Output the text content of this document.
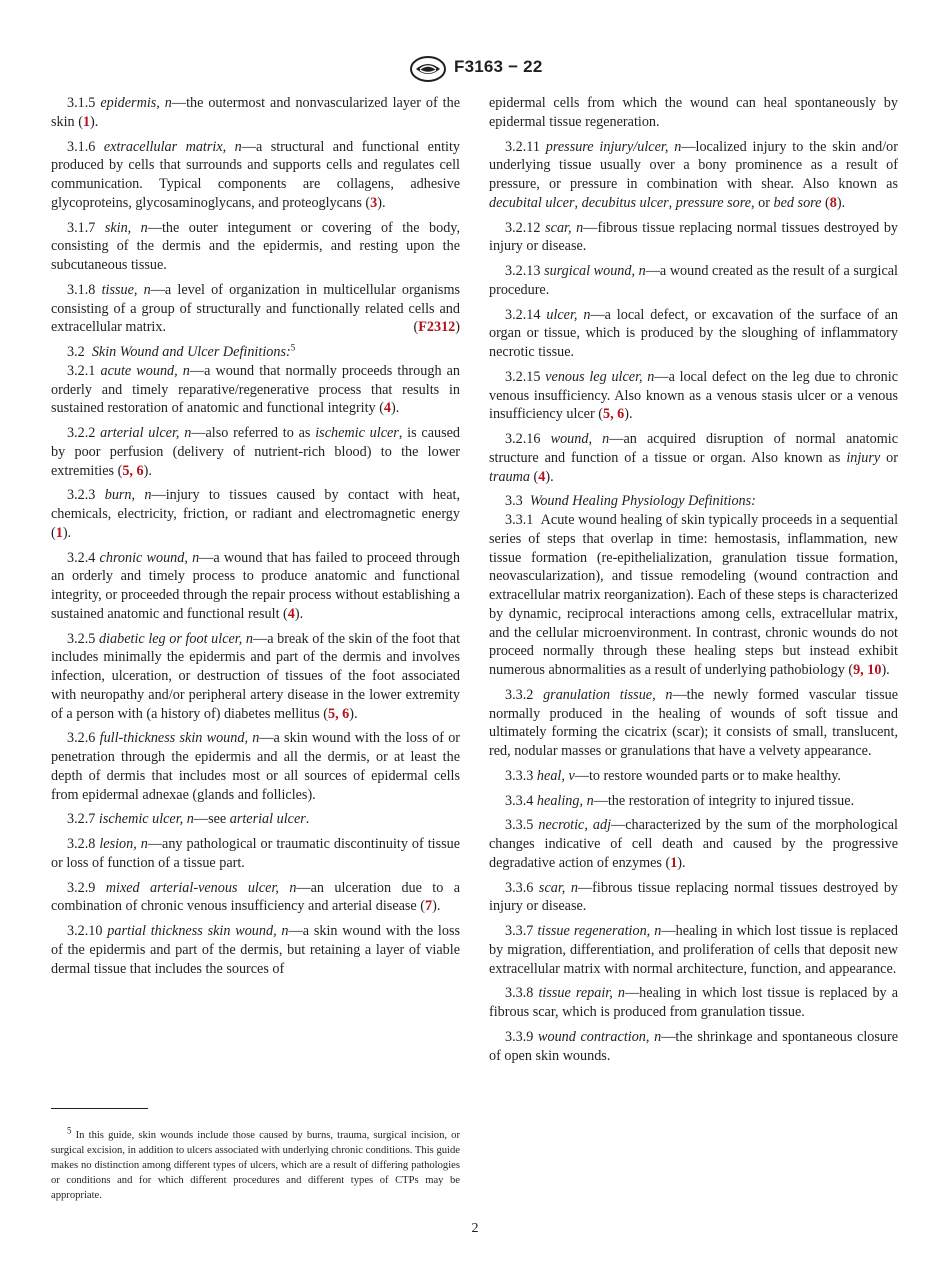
F3163 − 22

3.1.5 epidermis, n—the outermost and nonvascularized layer of the skin (1).

3.1.6 extracellular matrix, n—a structural and functional entity produced by cells that surrounds and supports cells and regulates cell communication. Typical components are collagens, adhesive glycoproteins, glycosaminoglycans, and proteoglycans (3).

3.1.7 skin, n—the outer integument or covering of the body, consisting of the dermis and the epidermis, and resting upon the subcutaneous tissue.

3.1.8 tissue, n—a level of organization in multicellular organisms consisting of a group of structurally and functionally related cells and extracellular matrix.	(F2312)

3.2 Skin Wound and Ulcer Definitions:$^5$

3.2.1 acute wound, n—a wound that normally proceeds through an orderly and timely reparative/regenerative process that results in sustained restoration of anatomic and functional integrity (4).

3.2.2 arterial ulcer, n—also referred to as ischemic ulcer, is caused by poor perfusion (delivery of nutrient-rich blood) to the lower extremities (5, 6).

3.2.3 burn, n—injury to tissues caused by contact with heat, chemicals, electricity, friction, or radiant and electromagnetic energy (1).

3.2.4 chronic wound, n—a wound that has failed to proceed through an orderly and timely process to produce anatomic and functional integrity, or proceeded through the repair process without establishing a sustained anatomic and functional result (4).

3.2.5 diabetic leg or foot ulcer, n—a break of the skin of the foot that includes minimally the epidermis and part of the dermis and involves infection, ulceration, or destruction of tissues of the foot associated with neuropathy and/or peripheral artery disease in the lower extremity of a person with (a history of) diabetes mellitus (5, 6).

3.2.6 full-thickness skin wound, n—a skin wound with the loss of or penetration through the epidermis and all the dermis, or at least the depth of dermis that includes most or all sources of epidermal cells from epidermal adnexae (glands and follicles).

3.2.7 ischemic ulcer, n—see arterial ulcer.

3.2.8 lesion, n—any pathological or traumatic discontinuity of tissue or loss of function of a tissue part.

3.2.9 mixed arterial-venous ulcer, n—an ulceration due to a combination of chronic venous insufficiency and arterial disease (7).

3.2.10 partial thickness skin wound, n—a skin wound with the loss of the epidermis and part of the dermis, but retaining a layer of viable dermal tissue that includes the sources of

$^5$ In this guide, skin wounds include those caused by burns, trauma, surgical incision, or surgical excision, in addition to ulcers associated with underlying chronic conditions. This guide makes no distinction among different types of ulcers, which are a result of differing pathologies or conditions and for which different procedures and different types of CTPs may be appropriate.

epidermal cells from which the wound can heal spontaneously by epidermal tissue regeneration.

3.2.11 pressure injury/ulcer, n—localized injury to the skin and/or underlying tissue usually over a bony prominence as a result of pressure, or pressure in combination with shear. Also known as decubital ulcer, decubitus ulcer, pressure sore, or bed sore (8).

3.2.12 scar, n—fibrous tissue replacing normal tissues destroyed by injury or disease.

3.2.13 surgical wound, n—a wound created as the result of a surgical procedure.

3.2.14 ulcer, n—a local defect, or excavation of the surface of an organ or tissue, which is produced by the sloughing of inflammatory necrotic tissue.

3.2.15 venous leg ulcer, n—a local defect on the leg due to chronic venous insufficiency. Also known as a venous stasis ulcer or a venous insufficiency ulcer (5, 6).

3.2.16 wound, n—an acquired disruption of normal anatomic structure and function of a tissue or organ. Also known as injury or trauma (4).

3.3 Wound Healing Physiology Definitions:

3.3.1 Acute wound healing of skin typically proceeds in a sequential series of steps that overlap in time: hemostasis, inflammation, new tissue formation (re-epithelialization, granulation tissue formation, neovascularization), and tissue remodeling (wound contraction and extracellular matrix reorganization). Each of these steps is characterized by dynamic, reciprocal interactions among cells, extracellular matrix, and the cellular microenvironment. In contrast, chronic wounds do not proceed normally through these healing steps but instead exhibit numerous abnormalities as a result of underlying pathobiology (9, 10).

3.3.2 granulation tissue, n—the newly formed vascular tissue normally produced in the healing of wounds of soft tissue and ultimately forming the cicatrix (scar); it consists of small, translucent, red, nodular masses or granulations that have a velvety appearance.

3.3.3 heal, v—to restore wounded parts or to make healthy.

3.3.4 healing, n—the restoration of integrity to injured tissue.

3.3.5 necrotic, adj—characterized by the sum of the morphological changes indicative of cell death and caused by the progressive degradative action of enzymes (1).

3.3.6 scar, n—fibrous tissue replacing normal tissues destroyed by injury or disease.

3.3.7 tissue regeneration, n—healing in which lost tissue is replaced by migration, differentiation, and proliferation of cells that deposit new extracellular matrix with normal architecture, function, and appearance.

3.3.8 tissue repair, n—healing in which lost tissue is replaced by a fibrous scar, which is produced from granulation tissue.

3.3.9 wound contraction, n—the shrinkage and spontaneous closure of open skin wounds.

2
